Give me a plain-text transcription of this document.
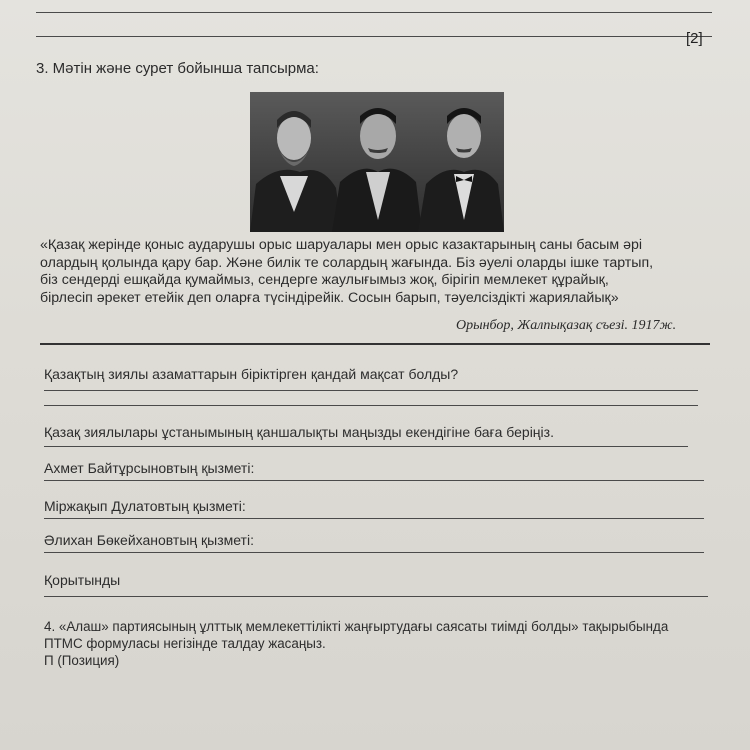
[2]
3. Мәтін және сурет бойынша тапсырма:
«Қазақ жерінде қоныс аударушы орыс шаруалары мен орыс казактарының саны басым әрі
олардың қолында қару бар. Және билік те солардың жағында. Біз әуелі оларды ішке тартып,
біз сендерді ешқайда қумаймыз, сендерге жаулығымыз жоқ, бірігіп мемлекет құрайық,
бірлесіп әрекет етейік деп оларға түсіндірейік. Сосын барып, тәуелсіздікті жариялайық»
Орынбор, Жалпықазақ съезі. 1917ж.
Қазақтың зиялы азаматтарын біріктірген қандай мақсат болды?
Қазақ зиялылары ұстанымының қаншалықты маңызды екендігіне баға беріңіз.
Ахмет Байтұрсыновтың қызметі:
Міржақып Дулатовтың қызметі:
Әлихан Бөкейхановтың қызметі:
Қорытынды
4. «Алаш» партиясының ұлттық мемлекеттілікті жаңғыртудағы саясаты тиімді болды» тақырыбында
ПТМС формуласы негізінде талдау жасаңыз.
П (Позиция)
